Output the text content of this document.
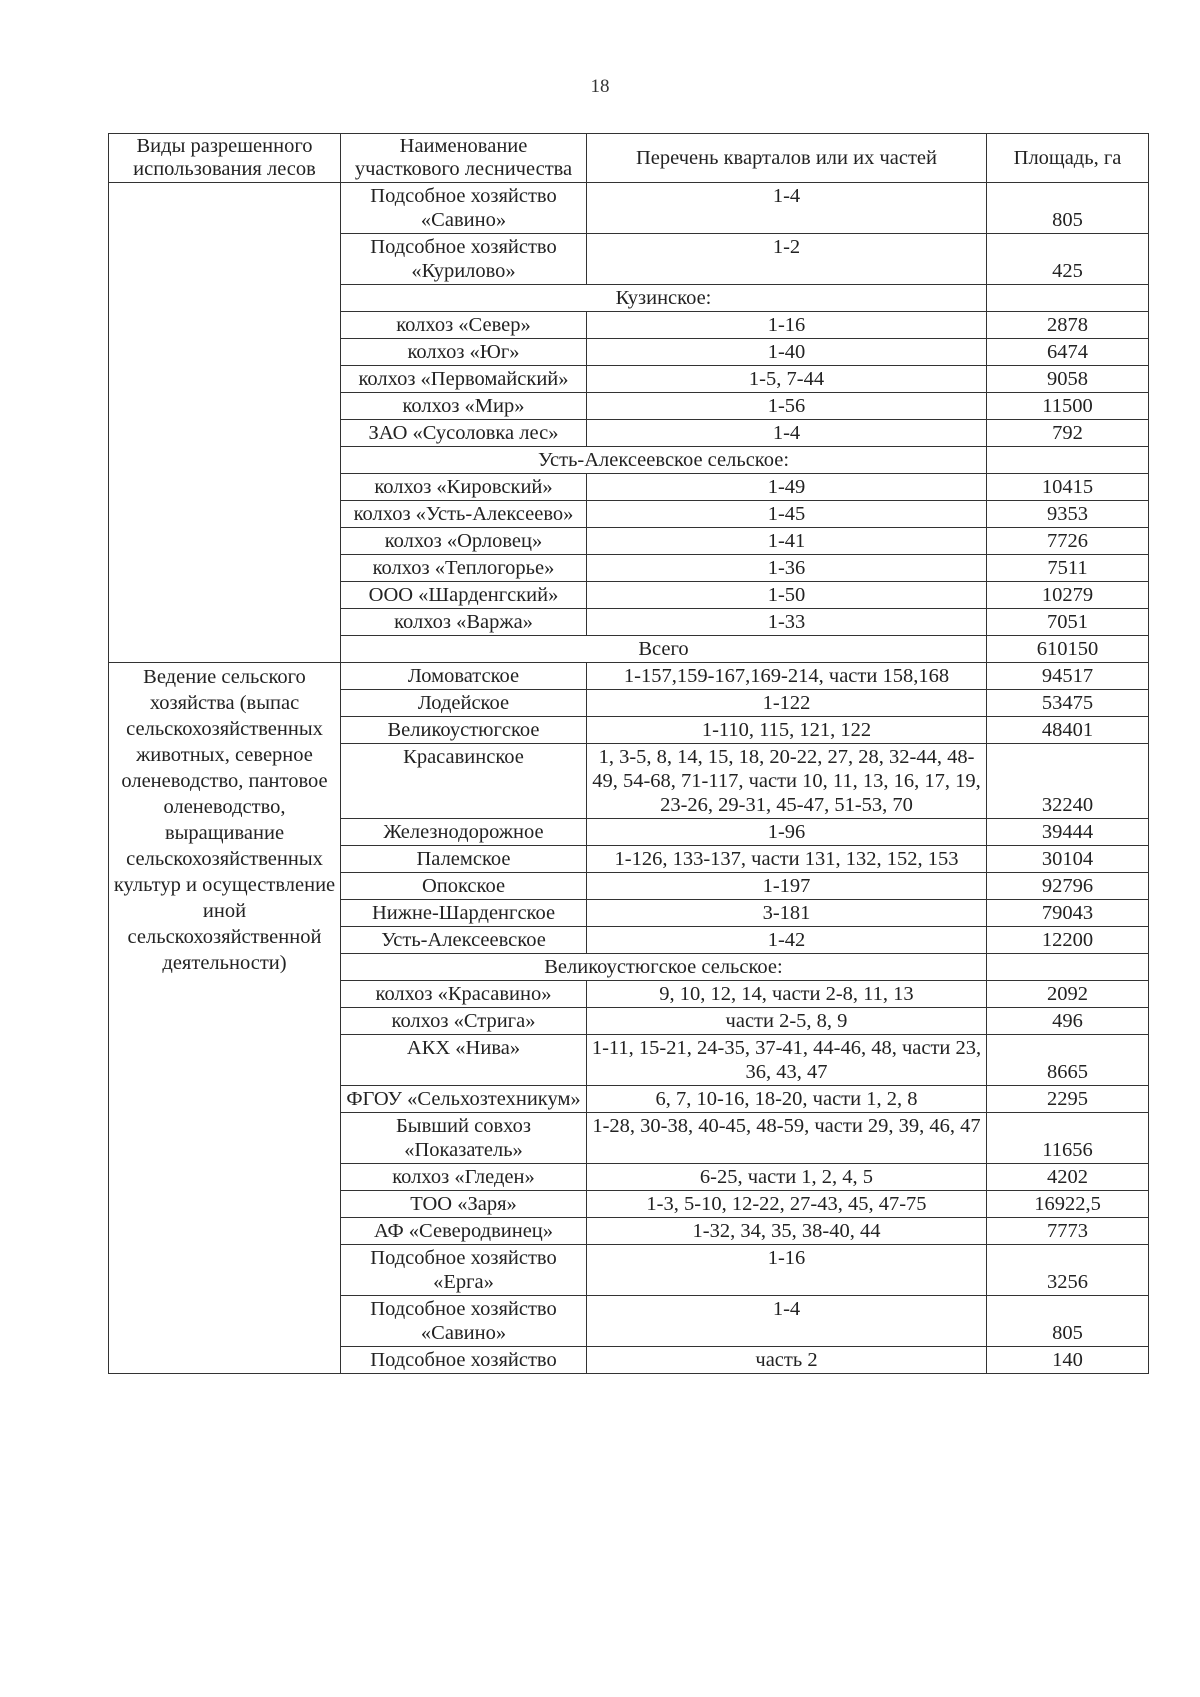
18
Виды разрешенного использования лесов	Наименование участкового лесничества	Перечень кварталов или их частей	Площадь, га
	Подсобное хозяйство «Савино»	1-4	805
	Подсобное хозяйство «Курилово»	1-2	425
	Кузинское:		
	колхоз «Север»	1-16	2878
	колхоз «Юг»	1-40	6474
	колхоз «Первомайский»	1-5, 7-44	9058
	колхоз «Мир»	1-56	11500
	ЗАО «Сусоловка лес»	1-4	792
	Усть-Алексеевское сельское:		
	колхоз «Кировский»	1-49	10415
	колхоз «Усть-Алексеево»	1-45	9353
	колхоз «Орловец»	1-41	7726
	колхоз «Теплогорье»	1-36	7511
	ООО «Шарденгский»	1-50	10279
	колхоз «Варжа»	1-33	7051
	Всего		610150
Ведение сельского хозяйства (выпас сельскохозяйственных животных, северное оленеводство, пантовое оленеводство, выращивание сельскохозяйственных культур и осуществление иной сельскохозяйственной деятельности)	Ломоватское	1-157,159-167,169-214, части 158,168	94517
	Лодейское	1-122	53475
	Великоустюгское	1-110, 115, 121, 122	48401
	Красавинское	1, 3-5, 8, 14, 15, 18, 20-22, 27, 28, 32-44, 48-49, 54-68, 71-117, части 10, 11, 13, 16, 17, 19, 23-26, 29-31, 45-47, 51-53, 70	32240
	Железнодорожное	1-96	39444
	Палемское	1-126, 133-137, части 131, 132, 152, 153	30104
	Опокское	1-197	92796
	Нижне-Шарденгское	3-181	79043
	Усть-Алексеевское	1-42	12200
	Великоустюгское сельское:		
	колхоз «Красавино»	9, 10, 12, 14, части 2-8, 11, 13	2092
	колхоз «Стрига»	части 2-5, 8, 9	496
	АКХ «Нива»	1-11, 15-21, 24-35, 37-41, 44-46, 48, части 23, 36, 43, 47	8665
	ФГОУ «Сельхозтехникум»	6, 7, 10-16, 18-20, части 1, 2, 8	2295
	Бывший совхоз «Показатель»	1-28, 30-38, 40-45, 48-59, части 29, 39, 46, 47	11656
	колхоз «Гледен»	6-25, части 1, 2, 4, 5	4202
	ТОО «Заря»	1-3, 5-10, 12-22, 27-43, 45, 47-75	16922,5
	АФ «Северодвинец»	1-32, 34, 35, 38-40, 44	7773
	Подсобное хозяйство «Ерга»	1-16	3256
	Подсобное хозяйство «Савино»	1-4	805
	Подсобное хозяйство	часть 2	140
